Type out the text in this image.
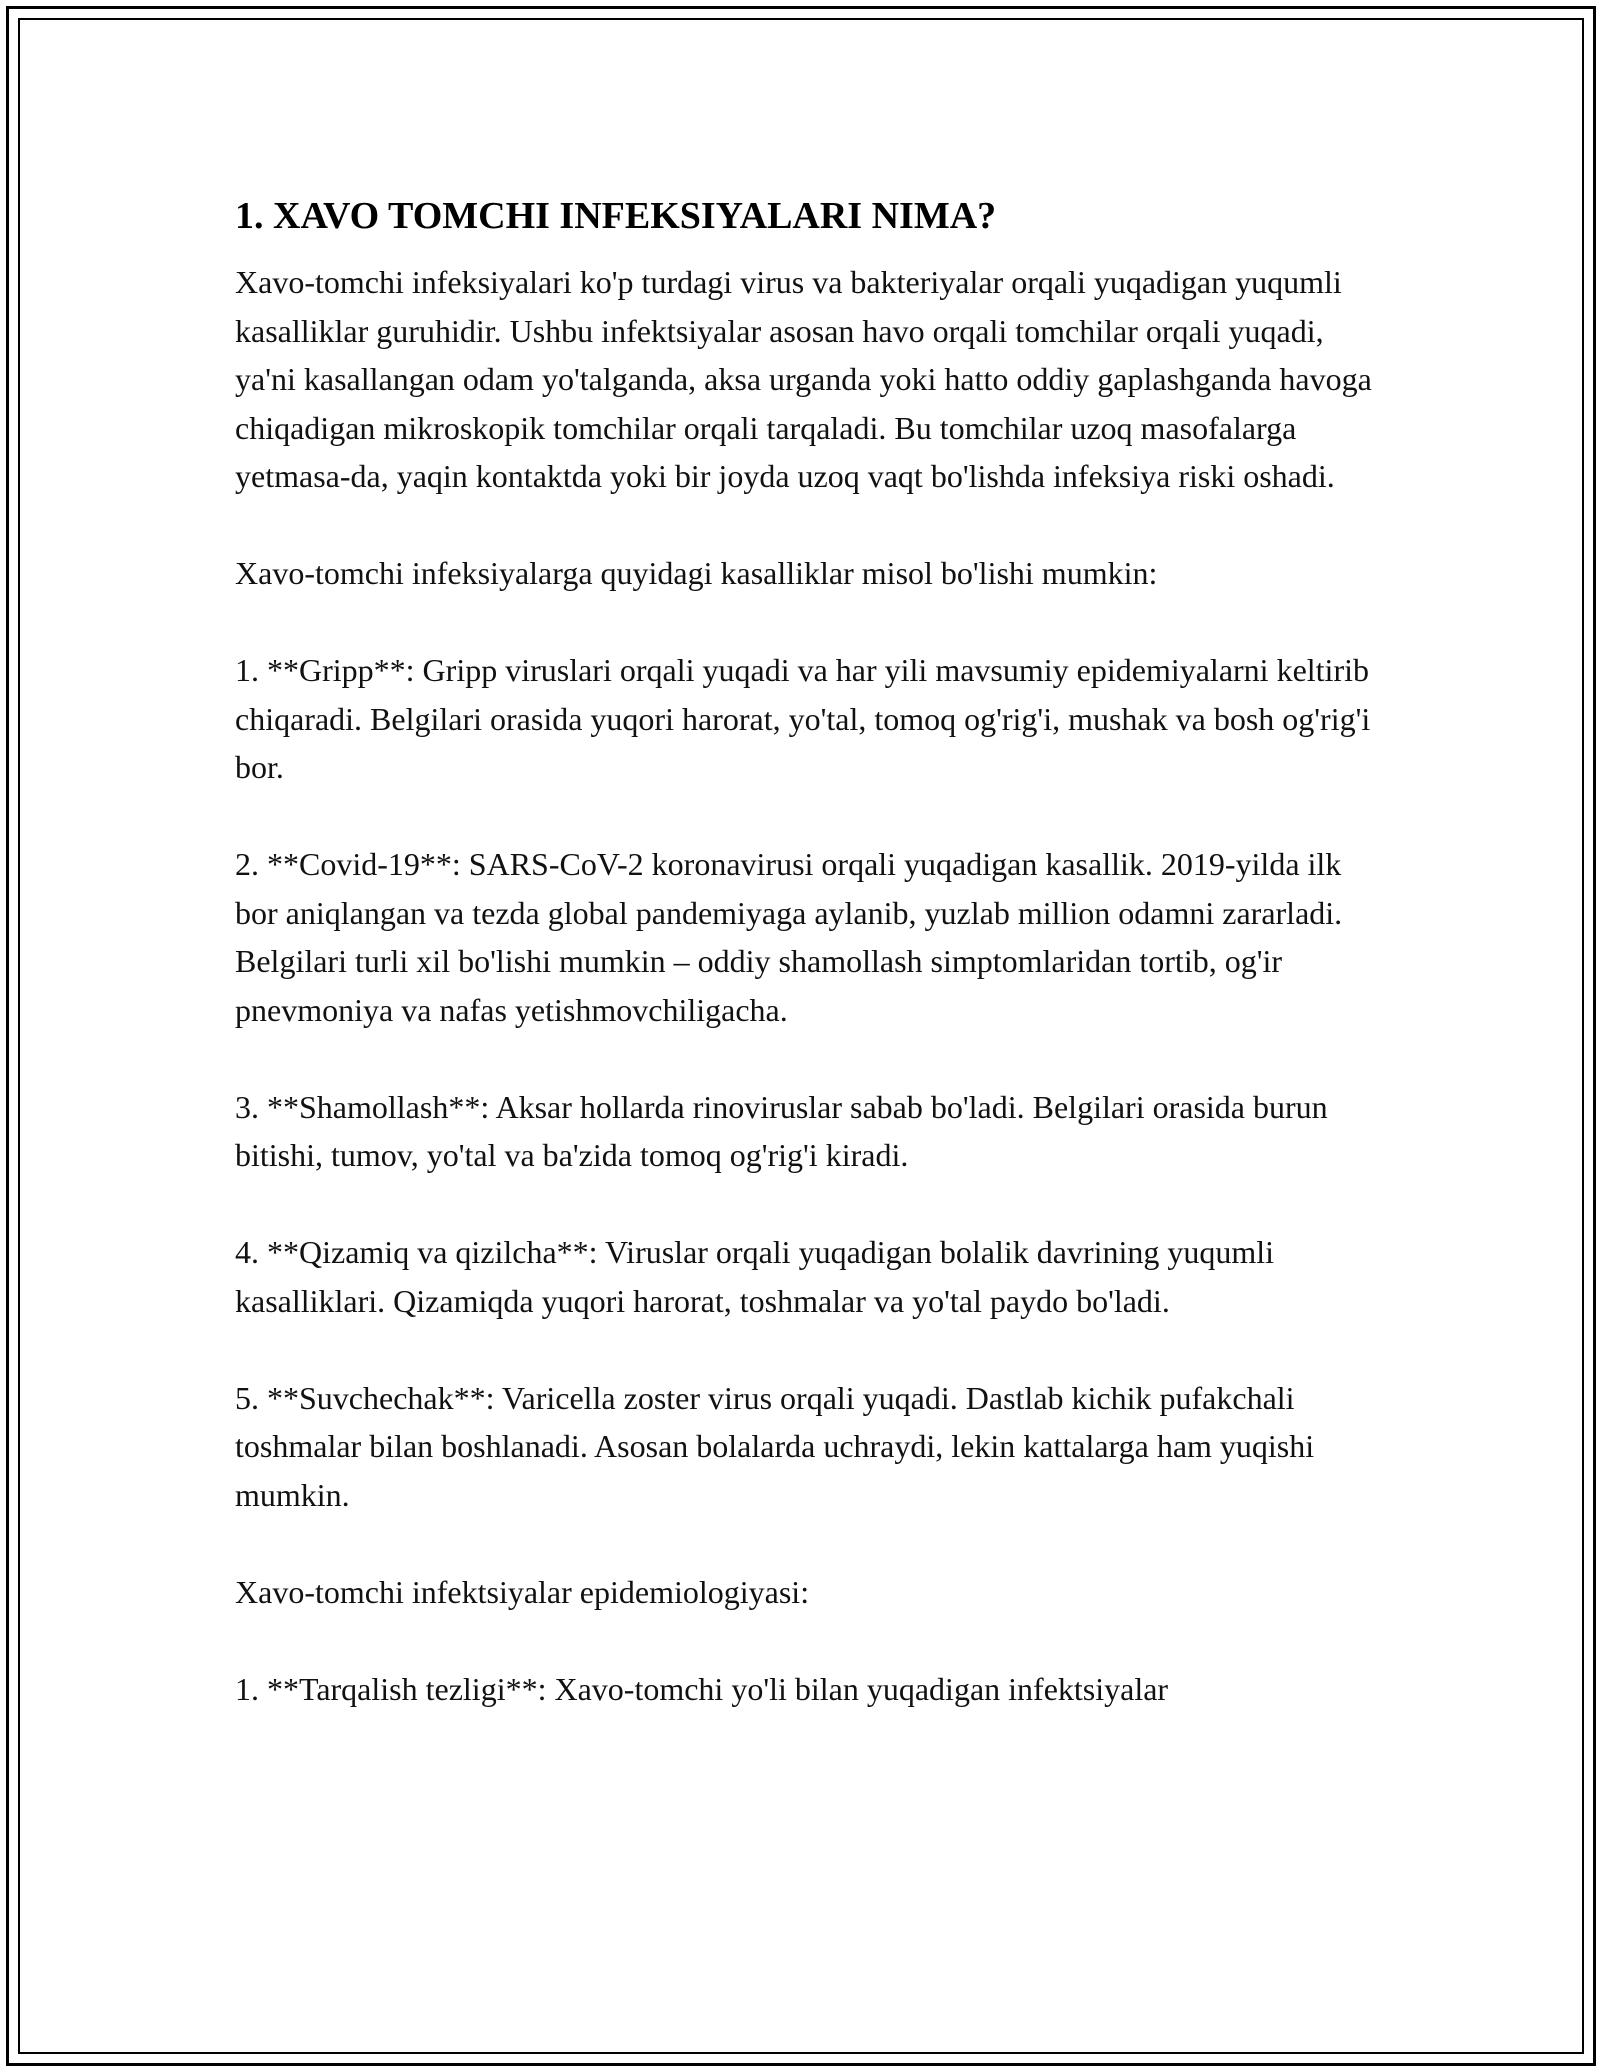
1. XAVO TOMCHI INFEKSIYALARI NIMA?

Xavo-tomchi infeksiyalari ko'p turdagi virus va bakteriyalar orqali yuqadigan yuqumli kasalliklar guruhidir. Ushbu infektsiyalar asosan havo orqali tomchilar orqali yuqadi, ya'ni kasallangan odam yo'talganda, aksa urganda yoki hatto oddiy gaplashganda havoga chiqadigan mikroskopik tomchilar orqali tarqaladi. Bu tomchilar uzoq masofalarga yetmasa-da, yaqin kontaktda yoki bir joyda uzoq vaqt bo'lishda infeksiya riski oshadi.

Xavo-tomchi infeksiyalarga quyidagi kasalliklar misol bo'lishi mumkin:

1. **Gripp**: Gripp viruslari orqali yuqadi va har yili mavsumiy epidemiyalarni keltirib chiqaradi. Belgilari orasida yuqori harorat, yo'tal, tomoq og'rig'i, mushak va bosh og'rig'i bor.

2. **Covid-19**: SARS-CoV-2 koronavirusi orqali yuqadigan kasallik. 2019-yilda ilk bor aniqlangan va tezda global pandemiyaga aylanib, yuzlab million odamni zararladi. Belgilari turli xil bo'lishi mumkin – oddiy shamollash simptomlaridan tortib, og'ir pnevmoniya va nafas yetishmovchiligacha.

3. **Shamollash**: Aksar hollarda rinoviruslar sabab bo'ladi. Belgilari orasida burun bitishi, tumov, yo'tal va ba'zida tomoq og'rig'i kiradi.

4. **Qizamiq va qizilcha**: Viruslar orqali yuqadigan bolalik davrining yuqumli kasalliklari. Qizamiqda yuqori harorat, toshmalar va yo'tal paydo bo'ladi.

5. **Suvchechak**: Varicella zoster virus orqali yuqadi. Dastlab kichik pufakchali toshmalar bilan boshlanadi. Asosan bolalarda uchraydi, lekin kattalarga ham yuqishi mumkin.

Xavo-tomchi infektsiyalar epidemiologiyasi:

1. **Tarqalish tezligi**: Xavo-tomchi yo'li bilan yuqadigan infektsiyalar
